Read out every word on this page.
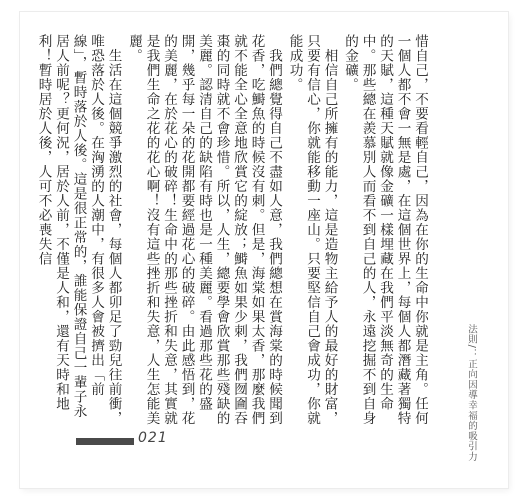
惜自己，不要看輕自己，因為在你的生命中你就是主角。任何一個人都不會一無是處，在這個世界上，每個人都潛藏著獨特的天賦，這種天賦就像金礦一樣埋藏在我們平淡無奇的生命中。那些總在羨慕別人而看不到自己的人，永遠挖掘不到自身的金礦。

　相信自己所擁有的能力，這是造物主給予人的最好的財富，只要有信心，你就能移動一座山。只要堅信自己會成功，你就能成功。

　我們總覺得自己不盡如人意，我們總想在賞海棠的時候聞到花香，吃鰣魚的時候沒有刺。但是，海棠如果太香，那麼我們就不能全心全意地欣賞它的綻放；鰣魚如果少刺，我們囫圇吞棗的同時就不會珍惜。所以，人生，總要學會欣賞那些殘缺的美麗。認清自己的缺陷有時也是一種美麗。看過那些花的盛開，幾乎每一朵的花開都要經過花心的破碎。由此感悟到，花的美麗，在於花心的破碎！生命中的那些挫折和失意，其實就是我們生命之花的花心啊！沒有這些挫折和失意，人生怎能美麗。

　生活在這個競爭激烈的社會，每個人都卯足了勁兒往前衝，唯恐落於人後。在洶湧的人潮中，有很多人會被擠出「前線」，暫時落於人後。這是很正常的，誰能保證自己一輩子永居人前呢？更何況，居於人前，不僅是人和，還有天時和地利！暫時居於人後，人可不必喪失信

法則/：正向因導幸福的吸引力
021
